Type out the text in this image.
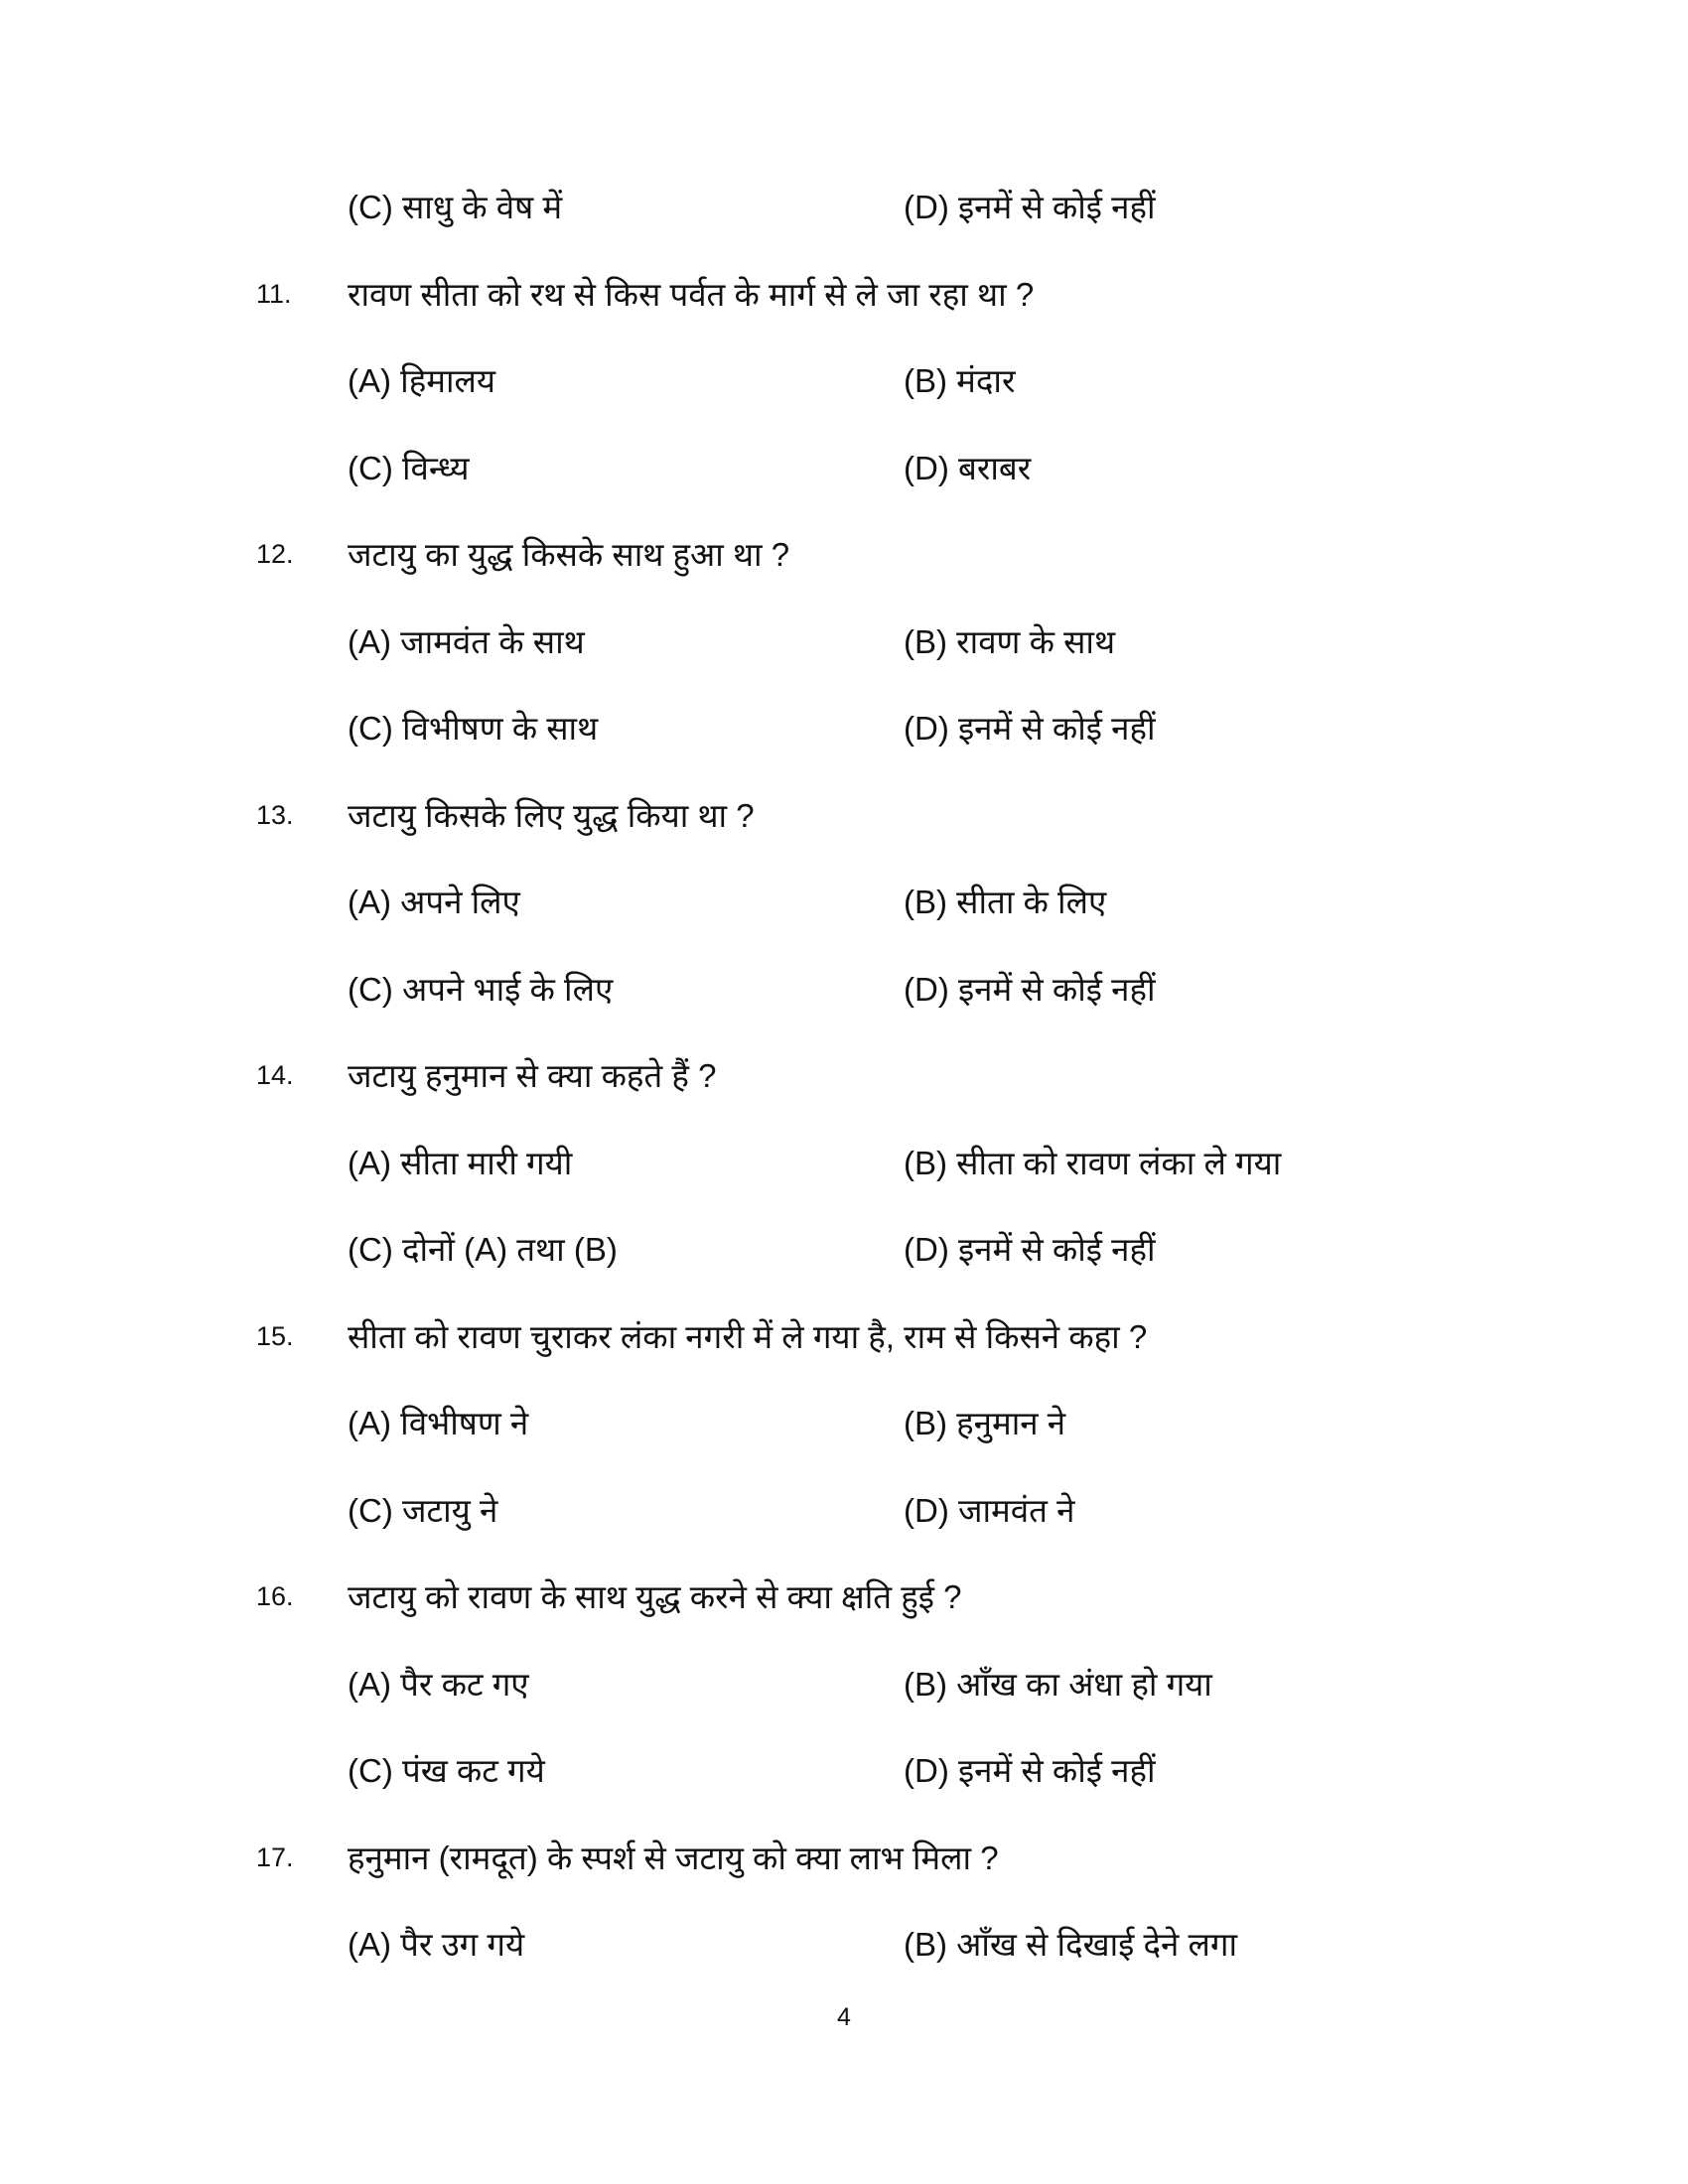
(C) साधु के वेष में	(D) इनमें से कोई नहीं
11. रावण सीता को रथ से किस पर्वत के मार्ग से ले जा रहा था ?
(A) हिमालय	(B) मंदार
(C) विन्ध्य	(D) बराबर
12. जटायु का युद्ध किसके साथ हुआ था ?
(A) जामवंत के साथ	(B) रावण के साथ
(C) विभीषण के साथ	(D) इनमें से कोई नहीं
13. जटायु किसके लिए युद्ध किया था ?
(A) अपने लिए	(B) सीता के लिए
(C) अपने भाई के लिए	(D) इनमें से कोई नहीं
14. जटायु हनुमान से क्या कहते हैं ?
(A) सीता मारी गयी	(B) सीता को रावण लंका ले गया
(C) दोनों (A) तथा (B)	(D) इनमें से कोई नहीं
15. सीता को रावण चुराकर लंका नगरी में ले गया है, राम से किसने कहा ?
(A) विभीषण ने	(B) हनुमान ने
(C) जटायु ने	(D) जामवंत ने
16. जटायु को रावण के साथ युद्ध करने से क्या क्षति हुई ?
(A) पैर कट गए	(B) आँख का अंधा हो गया
(C) पंख कट गये	(D) इनमें से कोई नहीं
17. हनुमान (रामदूत) के स्पर्श से जटायु को क्या लाभ मिला ?
(A) पैर उग गये	(B) आँख से दिखाई देने लगा
4
